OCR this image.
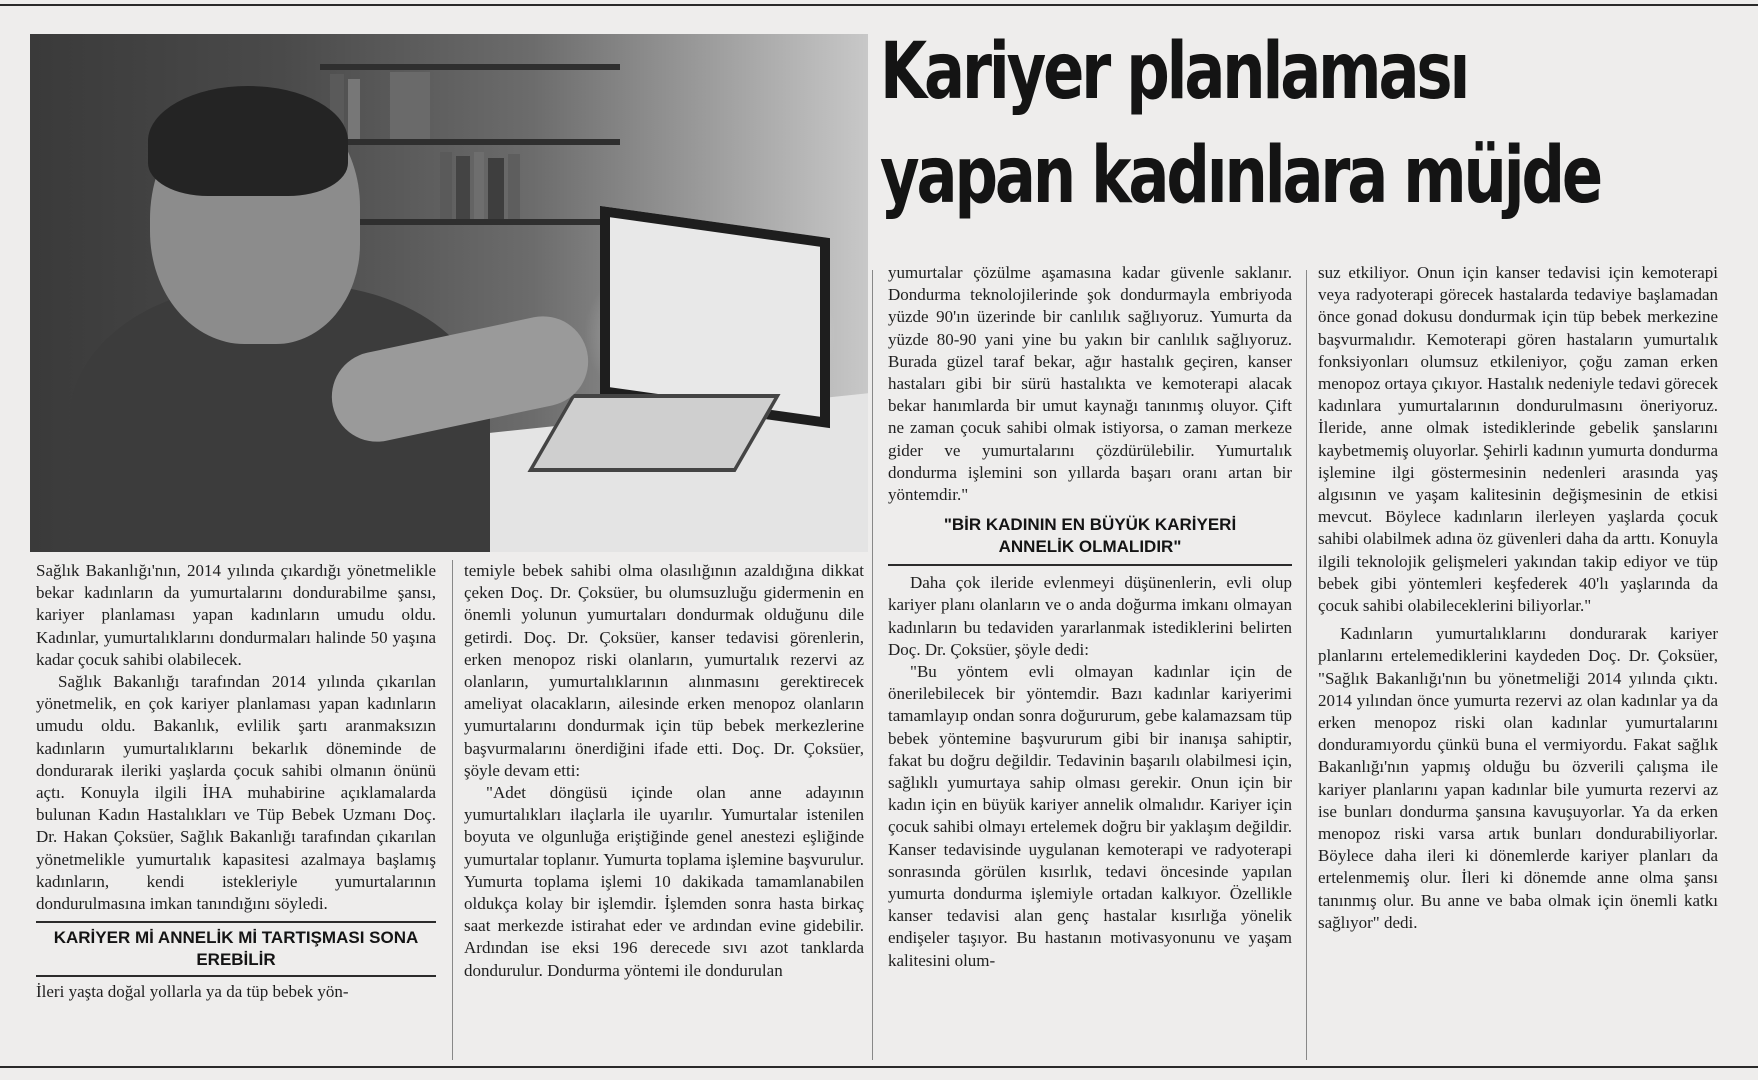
Kariyer planlaması
yapan kadınlara müjde

Sağlık Bakanlığı'nın, 2014 yılında çıkardığı yönetmelikle bekar kadınların da yumurtalarını dondurabilme şansı, kariyer planlaması yapan kadınların umudu oldu. Kadınlar, yumurtalıklarını dondurmaları halinde 50 yaşına kadar çocuk sahibi olabilecek.

Sağlık Bakanlığı tarafından 2014 yılında çıkarılan yönetmelik, en çok kariyer planlaması yapan kadınların umudu oldu. Bakanlık, evlilik şartı aranmaksızın kadınların yumurtalıklarını bekarlık döneminde de dondurarak ileriki yaşlarda çocuk sahibi olmanın önünü açtı. Konuyla ilgili İHA muhabirine açıklamalarda bulunan Kadın Hastalıkları ve Tüp Bebek Uzmanı Doç. Dr. Hakan Çoksüer, Sağlık Bakanlığı tarafından çıkarılan yönetmelikle yumurtalık kapasitesi azalmaya başlamış kadınların, kendi istekleriyle yumurtalarının dondurulmasına imkan tanındığını söyledi.

KARİYER Mİ ANNELİK Mİ TARTIŞMASI SONA EREBİLİR

İleri yaşta doğal yollarla ya da tüp bebek yön-

temiyle bebek sahibi olma olasılığının azaldığına dikkat çeken Doç. Dr. Çoksüer, bu olumsuzluğu gidermenin en önemli yolunun yumurtaları dondurmak olduğunu dile getirdi. Doç. Dr. Çoksüer, kanser tedavisi görenlerin, erken menopoz riski olanların, yumurtalık rezervi az olanların, yumurtalıklarının alınmasını gerektirecek ameliyat olacakların, ailesinde erken menopoz olanların yumurtalarını dondurmak için tüp bebek merkezlerine başvurmalarını önerdiğini ifade etti. Doç. Dr. Çoksüer, şöyle devam etti:

"Adet döngüsü içinde olan anne adayının yumurtalıkları ilaçlarla ile uyarılır. Yumurtalar istenilen boyuta ve olgunluğa eriştiğinde genel anestezi eşliğinde yumurtalar toplanır. Yumurta toplama işlemine başvurulur. Yumurta toplama işlemi 10 dakikada tamamlanabilen oldukça kolay bir işlemdir. İşlemden sonra hasta birkaç saat merkezde istirahat eder ve ardından evine gidebilir. Ardından ise eksi 196 derecede sıvı azot tanklarda dondurulur. Dondurma yöntemi ile dondurulan

yumurtalar çözülme aşamasına kadar güvenle saklanır. Dondurma teknolojilerinde şok dondurmayla embriyoda yüzde 90'ın üzerinde bir canlılık sağlıyoruz. Yumurta da yüzde 80-90 yani yine bu yakın bir canlılık sağlıyoruz. Burada güzel taraf bekar, ağır hastalık geçiren, kanser hastaları gibi bir sürü hastalıkta ve kemoterapi alacak bekar hanımlarda bir umut kaynağı tanınmış oluyor. Çift ne zaman çocuk sahibi olmak istiyorsa, o zaman merkeze gider ve yumurtalarını çözdürülebilir. Yumurtalık dondurma işlemini son yıllarda başarı oranı artan bir yöntemdir."

"BİR KADININ EN BÜYÜK KARİYERİ ANNELİK OLMALIDIR"

Daha çok ileride evlenmeyi düşünenlerin, evli olup kariyer planı olanların ve o anda doğurma imkanı olmayan kadınların bu tedaviden yararlanmak istediklerini belirten Doç. Dr. Çoksüer, şöyle dedi:

"Bu yöntem evli olmayan kadınlar için de önerilebilecek bir yöntemdir. Bazı kadınlar kariyerimi tamamlayıp ondan sonra doğururum, gebe kalamazsam tüp bebek yöntemine başvururum gibi bir inanışa sahiptir, fakat bu doğru değildir. Tedavinin başarılı olabilmesi için, sağlıklı yumurtaya sahip olması gerekir. Onun için bir kadın için en büyük kariyer annelik olmalıdır. Kariyer için çocuk sahibi olmayı ertelemek doğru bir yaklaşım değildir. Kanser tedavisinde uygulanan kemoterapi ve radyoterapi sonrasında görülen kısırlık, tedavi öncesinde yapılan yumurta dondurma işlemiyle ortadan kalkıyor. Özellikle kanser tedavisi alan genç hastalar kısırlığa yönelik endişeler taşıyor. Bu hastanın motivasyonunu ve yaşam kalitesini olum-

suz etkiliyor. Onun için kanser tedavisi için kemoterapi veya radyoterapi görecek hastalarda tedaviye başlamadan önce gonad dokusu dondurmak için tüp bebek merkezine başvurmalıdır. Kemoterapi gören hastaların yumurtalık fonksiyonları olumsuz etkileniyor, çoğu zaman erken menopoz ortaya çıkıyor. Hastalık nedeniyle tedavi görecek kadınlara yumurtalarının dondurulmasını öneriyoruz. İleride, anne olmak istediklerinde gebelik şanslarını kaybetmemiş oluyorlar. Şehirli kadının yumurta dondurma işlemine ilgi göstermesinin nedenleri arasında yaş algısının ve yaşam kalitesinin değişmesinin de etkisi mevcut. Böylece kadınların ilerleyen yaşlarda çocuk sahibi olabilmek adına öz güvenleri daha da arttı. Konuyla ilgili teknolojik gelişmeleri yakından takip ediyor ve tüp bebek gibi yöntemleri keşfederek 40'lı yaşlarında da çocuk sahibi olabileceklerini biliyorlar."

Kadınların yumurtalıklarını dondurarak kariyer planlarını ertelemediklerini kaydeden Doç. Dr. Çoksüer, "Sağlık Bakanlığı'nın bu yönetmeliği 2014 yılında çıktı. 2014 yılından önce yumurta rezervi az olan kadınlar ya da erken menopoz riski olan kadınlar yumurtalarını donduramıyordu çünkü buna el vermiyordu. Fakat sağlık Bakanlığı'nın yapmış olduğu bu özverili çalışma ile kariyer planlarını yapan kadınlar bile yumurta rezervi az ise bunları dondurma şansına kavuşuyorlar. Ya da erken menopoz riski varsa artık bunları dondurabiliyorlar. Böylece daha ileri ki dönemlerde kariyer planları da ertelenmemiş olur. İleri ki dönemde anne olma şansı tanınmış olur. Bu anne ve baba olmak için önemli katkı sağlıyor" dedi.
